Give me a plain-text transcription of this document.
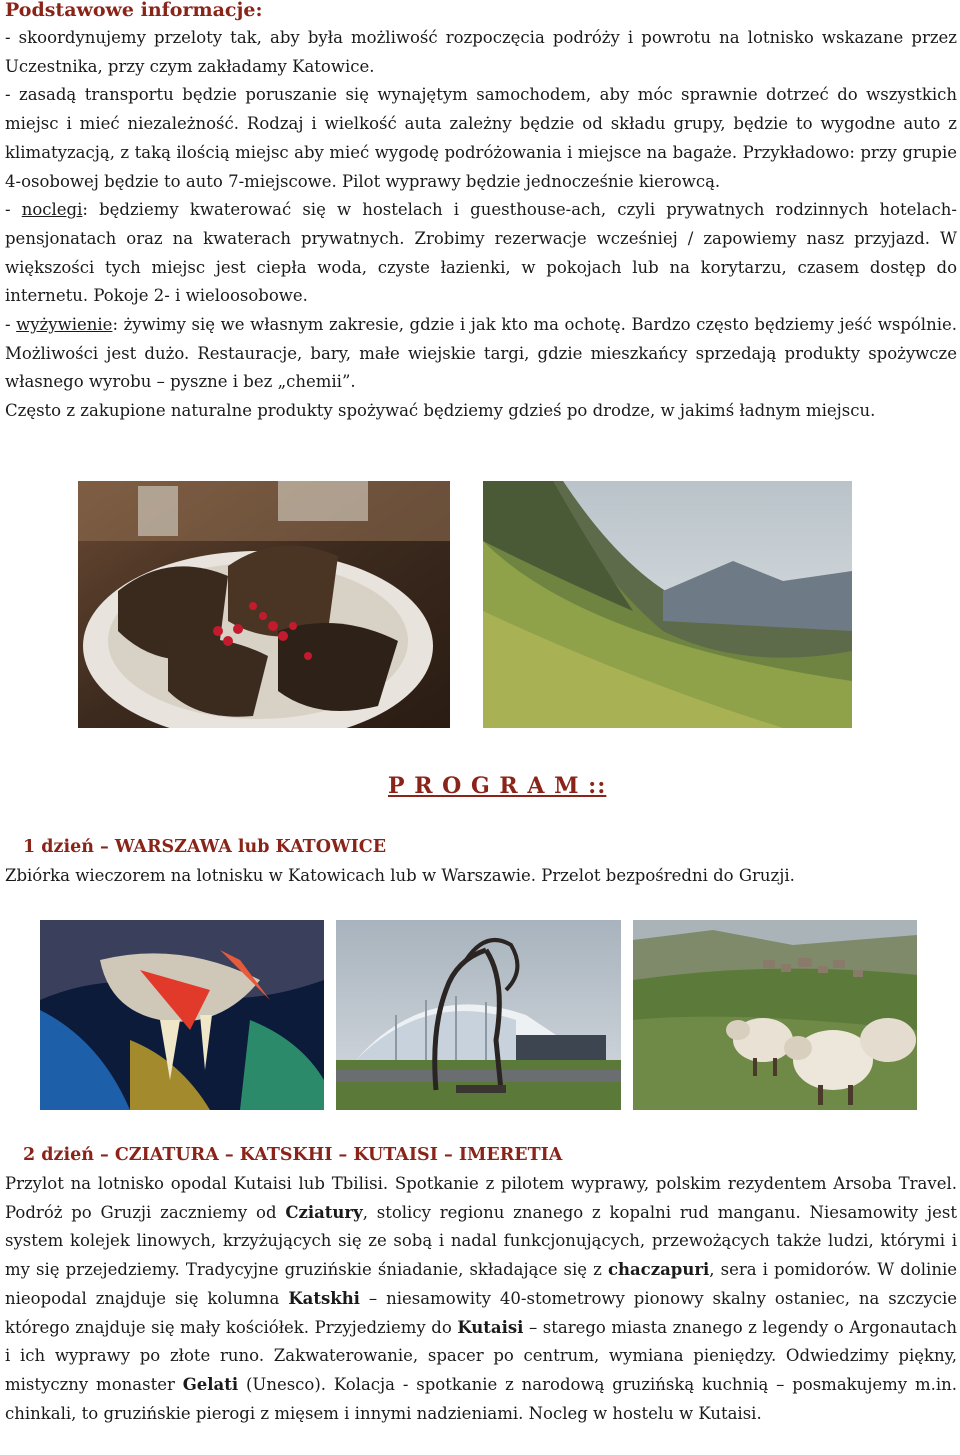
Podstawowe informacje:

- skoordynujemy przeloty tak, aby była możliwość rozpoczęcia podróży i powrotu na lotnisko wskazane przez Uczestnika, przy czym zakładamy Katowice.

- zasadą transportu będzie poruszanie się wynajętym samochodem, aby móc sprawnie dotrzeć do wszystkich miejsc i mieć niezależność. Rodzaj i wielkość auta zależny będzie od składu grupy, będzie to wygodne auto z klimatyzacją, z taką ilością miejsc aby mieć wygodę podróżowania i miejsce na bagaże. Przykładowo: przy grupie 4-osobowej będzie to auto 7-miejscowe. Pilot wyprawy będzie jednocześnie kierowcą.

- noclegi: będziemy kwaterować się w hostelach i guesthouse-ach, czyli prywatnych rodzinnych hotelach-pensjonatach oraz na kwaterach prywatnych. Zrobimy rezerwacje wcześniej / zapowiemy nasz przyjazd. W większości tych miejsc jest ciepła woda, czyste łazienki, w pokojach lub na korytarzu, czasem dostęp do internetu. Pokoje 2- i wieloosobowe.

- wyżywienie: żywimy się we własnym zakresie, gdzie i jak kto ma ochotę. Bardzo często będziemy jeść wspólnie. Możliwości jest dużo. Restauracje, bary, małe wiejskie targi, gdzie mieszkańcy sprzedają produkty spożywcze własnego wyrobu – pyszne i bez „chemii”.

Często z zakupione naturalne produkty spożywać będziemy gdzieś po drodze, w jakimś ładnym miejscu.

P R O G R A M ::
1 dzień – WARSZAWA lub KATOWICE

Zbiórka wieczorem na lotnisku w Katowicach lub w Warszawie. Przelot bezpośredni do Gruzji.

2 dzień – CZIATURA – KATSKHI – KUTAISI – IMERETIA

Przylot na lotnisko opodal Kutaisi lub Tbilisi. Spotkanie z pilotem wyprawy, polskim rezydentem Arsoba Travel. Podróż po Gruzji zaczniemy od Cziatury, stolicy regionu znanego z kopalni rud manganu. Niesamowity jest system kolejek linowych, krzyżujących się ze sobą i nadal funkcjonujących, przewożących także ludzi, którymi i my się przejedziemy. Tradycyjne gruzińskie śniadanie, składające się z chaczapuri, sera i pomidorów. W dolinie nieopodal znajduje się kolumna Katskhi – niesamowity 40-stometrowy pionowy skalny ostaniec, na szczycie którego znajduje się mały kościółek. Przyjedziemy do Kutaisi – starego miasta znanego z legendy o Argonautach i ich wyprawy po złote runo. Zakwaterowanie, spacer po centrum, wymiana pieniędzy. Odwiedzimy piękny, mistyczny monaster Gelati (Unesco). Kolacja - spotkanie z narodową gruzińską kuchnią – posmakujemy m.in. chinkali, to gruzińskie pierogi z mięsem i innymi nadzieniami. Nocleg w hostelu w Kutaisi.
